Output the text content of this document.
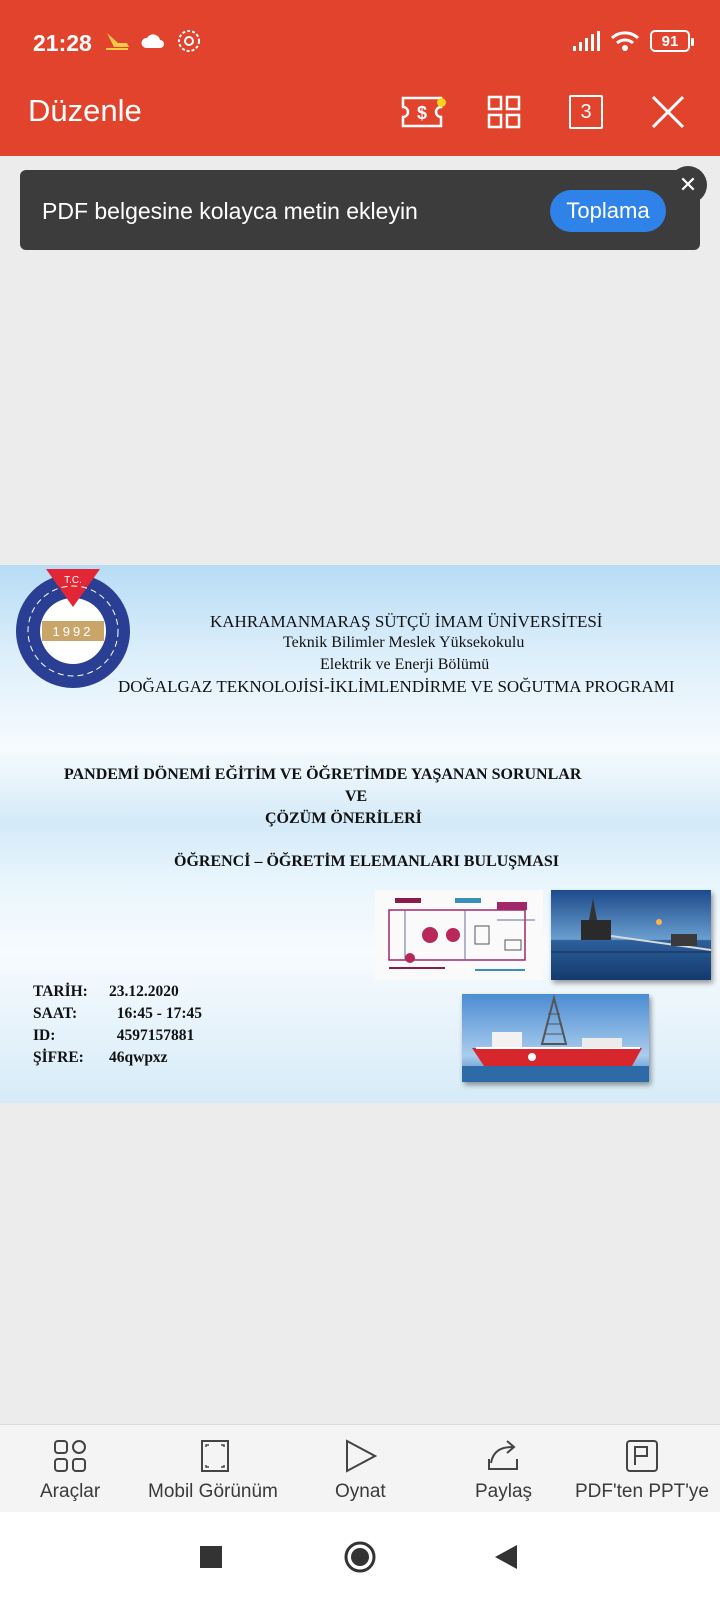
21:28	91
Düzenle	$	3
PDF belgesine kolayca metin ekleyin	Toplama
✕
T.C.
1992
KAHRAMANMARAŞ SÜTÇÜ İMAM ÜNİVERSİTESİ
Teknik Bilimler Meslek Yüksekokulu
Elektrik ve Enerji Bölümü
DOĞALGAZ TEKNOLOJİSİ-İKLİMLENDİRME VE SOĞUTMA PROGRAMI
PANDEMİ DÖNEMİ EĞİTİM VE ÖĞRETİMDE YAŞANAN SORUNLAR
VE
ÇÖZÜM ÖNERİLERİ
ÖĞRENCİ – ÖĞRETİM ELEMANLARI BULUŞMASI
TARİH:	23.12.2020
SAAT:	16:45 - 17:45
ID:	4597157881
ŞİFRE:	46qwpxz
Araçlar	Mobil Görünüm	Oynat	Paylaş PDF'ten PPT'ye
